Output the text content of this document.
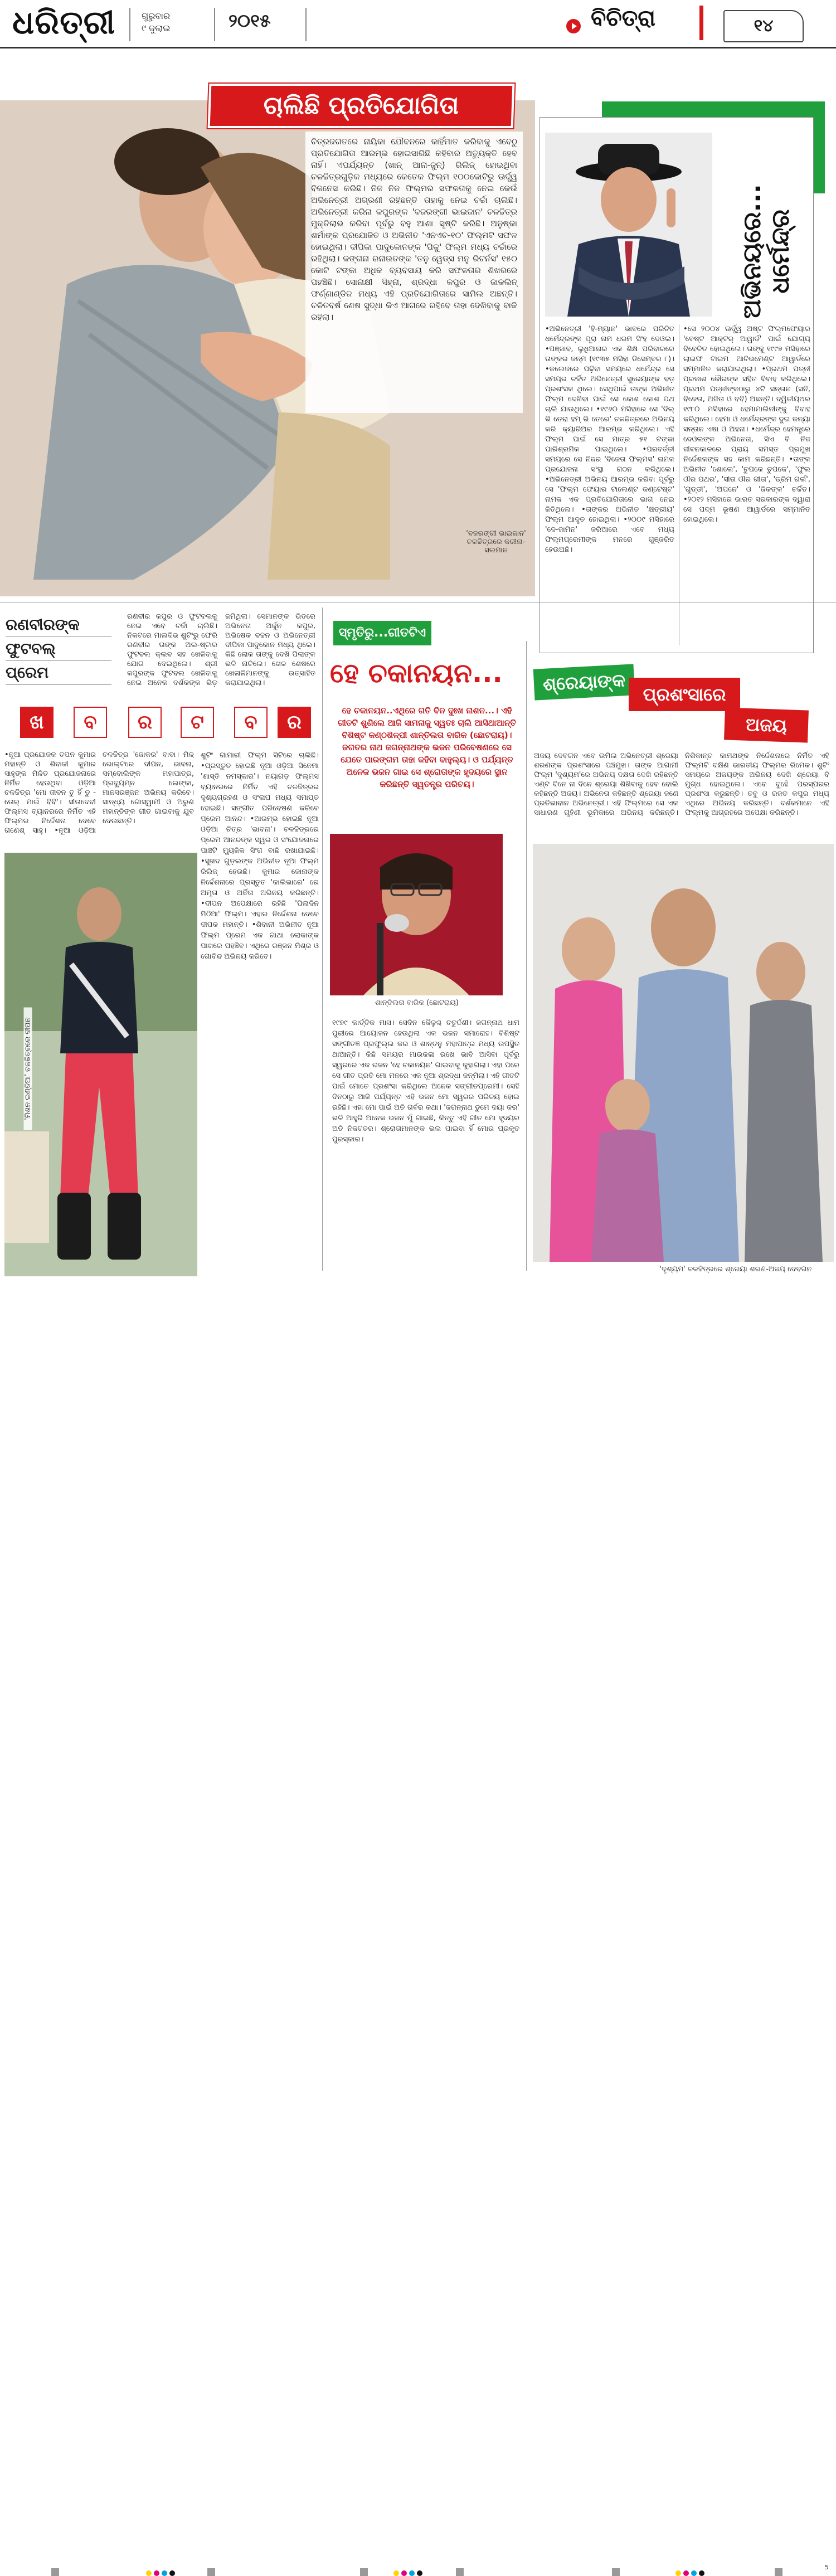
ଧରିତ୍ରୀ	ଗୁରୁବାର
୯ ଜୁଲାଇ	୨୦୧୫	ବିଚିତ୍ରା	୧୪
ଚାଲିଛି ପ୍ରତିଯୋଗିତା
ଚିତ୍ରଜଗତରେ ନାୟିକା ଯୌବନରେ କାହିଁମାତ କରିବାକୁ ଏବେଠୁ ପ୍ରତିଯୋଗିତା ଆରମ୍ଭ ହୋଇସାରିଛି କହିବାର ଅତ୍ୟୁକ୍ତି ହେବ ନାହିଁ। ଏପର୍ଯ୍ୟନ୍ତ (ଖାନ୍ ଆନା-ଜୁନ୍) ରିଲିଜ୍ ହୋଇଥିବା ଚଳଚ୍ଚିତ୍ରଗୁଡ଼ିକ ମଧ୍ୟରେ କେତେକ ଫିଲ୍ମ ୧୦୦କୋଟିରୁ ଊର୍ଦ୍ଧ୍ୱ ବିଜନେସ କରିଛି। ନିଜ ନିଜ ଫିଲ୍ମର ସଫଳତାକୁ ନେଇ କେଉଁ ଅଭିନେତ୍ରୀ ଅଗ୍ରଣୀ ରହିଛନ୍ତି ତାହାକୁ ନେଇ ଚର୍ଚ୍ଚା ଚାଲିଛି। ଅଭିନେତ୍ରୀ କରିନା କପୁରଙ୍କ 'ବଜରଙ୍ଗୀ ଭାଇଜାନ' ଚଳଚ୍ଚିତ୍ର ମୁକ୍ତିଲାଭ କରିବା ପୂର୍ବରୁ ବହୁ ଆଶା ସୃଷ୍ଟି କରିଛି। ଅନୁଷ୍କା ଶର୍ମାଙ୍କ ପ୍ରଯୋଜିତ ଓ ଅଭିନୀତ 'ଏନଏଚ-୧୦' ଫିଲ୍ମଟି ସଫଳ ହୋଇଥିଲା। ଦୀପିକା ପାଦୁକୋନଙ୍କ 'ପିକୁ' ଫିଲ୍ମ ମଧ୍ୟ ଚର୍ଚ୍ଚାରେ ରହିଥିଲା। କଙ୍ଗନା ରନାଉତଙ୍କ 'ତନୁ ୱେଡ୍ସ ମନୁ ରିଟର୍ନସ' ୧୫୦ କୋଟି ଟଙ୍କା ଅଧିକ ବ୍ୟବସାୟ କରି ସଫଳତାର ଶିଖରରେ ପହଞ୍ଚିଛି। ସୋନାକ୍ଷୀ ସିହ୍ନା, ଶ୍ରଦ୍ଧା କପୁର ଓ ଜାକଲିନ୍ ଫର୍ଣ୍ଣାଣ୍ଡିଜ ମଧ୍ୟ ଏହି ପ୍ରତିଯୋଗିତାରେ ସାମିଲ ଅଛନ୍ତି। ଚଳିତବର୍ଷ ଶେଷ ସୁଦ୍ଧା କିଏ ଆଗରେ ରହିବେ ତାହା ଦେଖିବାକୁ ବାକି ରହିଲା।
'ବଜରଙ୍ଗୀ ଭାଇଜାନ'
ଚଳଚ୍ଚିତ୍ରରେ କରୀନା-ସଲମାନ
ଅଭିନୟରେ... ଧର୍ମେନ୍ଦ୍ର
•ଅଭିନେତ୍ରୀ 'ହି-ମ୍ୟାନ' ଭାବରେ ପରିଚିତ ଧର୍ମେନ୍ଦ୍ରଙ୍କ ପୂରା ନାମ ଧରମ ସିଂହ ଦେଓଲ। •ପଞ୍ଜାବ, ଲୁଧିଆନାର ଏକ ଶିକ୍ଷ ପରିବାରରେ ତାଙ୍କର ଜନ୍ମ (୧୯୩୫ ମସିହା ଡିସେମ୍ବର ୮)। •କଲେଜରେ ପଢ଼ିବା ସମୟରେ ଧର୍ମେନ୍ଦ୍ର ସେ ସମୟର ଚର୍ଚ୍ଚିତ ଅଭିନେତ୍ରୀ ସୁରେୟାଙ୍କ ବଡ଼ ପ୍ରଶଂସକ ଥିଲେ। ସେଥିପାଇଁ ତାଙ୍କ ଅଭିନୀତ ଫିଲ୍ମ ଦେଖିବା ପାଇଁ ସେ କୋଶ କୋଶ ପଥ ଚାଲି ଯାଉଥିଲେ। •୧୯୬୦ ମସିହାରେ ସେ 'ଦିଲ୍ ଭି ତେରା ହମ୍ ଭି ତେରେ' ଚଳଚ୍ଚିତ୍ରରେ ଅଭିନୟ କରି କ୍ୟାରିଅର ଆରମ୍ଭ କରିଥିଲେ। ଏହି ଫିଲ୍ମ ପାଇଁ ସେ ମାତ୍ର ୫୧ ଟଙ୍କା ପାରିଶ୍ରମିକ ପାଇଥିଲେ। •ପରବର୍ତ୍ତୀ ସମୟରେ ସେ ନିଜର 'ବିଜେତା ଫିଲ୍ମସ' ନାମକ ପ୍ରଯୋଜନା ସଂସ୍ଥା ଗଠନ କରିଥିଲେ। •ଅଭିନେତ୍ରୀ ଅଭିନୟ ଆରମ୍ଭ କରିବା ପୂର୍ବରୁ ସେ 'ଫିଲ୍ମ ଫେୟାର ଟାଲେଣ୍ଟ କଣ୍ଟେଷ୍ଟ' ନାମକ ଏକ ପ୍ରତିଯୋଗିତାରେ ଭାଗ ନେଇ ଜିତିଥିଲେ। •ତାଙ୍କର ଅଭିନୀତ 'କ୍ଷତ୍ରୀୟ' ଫିଲ୍ମ ଆଦୃତ ହୋଇଥିଲା। •୨୦୦୯ ମସିହାରେ 'ଦେ-ଜାମିନ' ଜରିଆରେ ଏବେ ମଧ୍ୟ ଫିଲ୍ମପ୍ରେମୀଙ୍କ ମନରେ ଗୁଞ୍ଜରିତ ହେଉଅଛି।
•ସେ ୨୦୦୪ ଊର୍ଦ୍ଧ୍ୱ ଅଷ୍ଟ ଫିଲ୍ମଫେୟାର 'ବେଷ୍ଟ ଆକ୍ଟର୍ ଆୱାର୍ଡ' ପାଇଁ ଯୋଗ୍ୟ ବିବେଚିତ ହୋଇଥିଲେ। ତାଙ୍କୁ ୧୯୯୭ ମସିହାରେ ଲାଇଫ ଟାଇମ ଆଚିଭମେଣ୍ଟ ଆୱାର୍ଡରେ ସମ୍ମାନିତ କରାଯାଇଥିଲା। •ପ୍ରଥମ ପତ୍ନୀ ପ୍ରକାଶ କୌରଙ୍କ ସହିତ ବିବାହ କରିଥିଲେ। ପ୍ରଥମ ପତ୍ନୀଙ୍କଠାରୁ ୪ଟି ସନ୍ତାନ (ସନି, ବିଜେତା, ଅଜିତା ଓ ବବି) ଅଛନ୍ତି। ଦ୍ୱିତୀୟଥର ୧୯୮୦ ମସିହାରେ ହେମାମାଲିନୀଙ୍କୁ ବିବାହ କରିଥିଲେ। ହେମା ଓ ଧର୍ମେନ୍ଦ୍ରଙ୍କ ଦୁଇ କନ୍ୟା ସନ୍ତାନ ଏଷା ଓ ଅହନା। •ଧର୍ମେନ୍ଦ୍ର ହେମନ୍ତ୍ରେ ଦେଓଲଙ୍କ ଅଭିନେତା, ସିଏ ବି ନିଜ ଜୀବନକାଳରେ ପ୍ରାୟ ସମସ୍ତ ପ୍ରମୁଖ ନିର୍ଦ୍ଦେଶକଙ୍କ ସହ କାମ କରିଛନ୍ତି। •ତାଙ୍କ ଅଭିନୀତ 'ଶୋଲେ', 'ଚୁପକେ ଚୁପକେ', 'ଫୁଲ ଔର ପଥର', 'ସୀତା ଔର ଗୀତା', 'ଡ୍ରିମ ଗର୍ଲ', 'ଗୁଡ୍ଡୀ', 'ଅପନେ' ଓ 'ଜିକଙ୍କ' ଚର୍ଚ୍ଚିତ। •୨୦୧୨ ମସିହାରେ ଭାରତ ସରକାରଙ୍କ ଦ୍ୱାରା ସେ ପଦ୍ମ ଭୂଷଣ ଆୱାର୍ଡରେ ସମ୍ମାନିତ ହୋଇଥିଲେ।
ରଣବୀରଙ୍କ
ଫୁଟବଲ୍
ପ୍ରେମ
ରଣବୀର କପୁର ଓ ଫୁଟବଲକୁ ନେଇ ଏବେ ଚର୍ଚ୍ଚା ଚାଲିଛି। ନିକଟରେ ମାଲଦିଭ ଶୁଟିଂରୁ ଫେରି ରଣବୀର ତାଙ୍କ ଅଲ-ଷ୍ଟାର ଫୁଟବଲ କ୍ଲବ ସହ ଖେଳିବାକୁ ଯୋଗ ଦେଇଥିଲେ। ଶ୍ରୀ କପୁରଙ୍କ ଫୁଟବଲ ଖେଳିବାକୁ ନେଇ ଅନେକ ଦର୍ଶକଙ୍କ ଭିଡ଼ ଜମିଥିଲା। ସେମାନଙ୍କ ଭିତରେ ଅଭିନେତା ଅର୍ଜୁନ କପୁର, ଅଭିଷେକ ବଚ୍ଚନ ଓ ଅଭିନେତ୍ରୀ ଦୀପିକା ପାଦୁକୋନ ମଧ୍ୟ ଥିଲେ। କିଛି ଲୋକ ତାଙ୍କୁ ଦେଖି ପିଲାଙ୍କ ଭଳି ନାଚିଲେ। ଖେଳ ଶେଷରେ ଖେଳାଳିମାନଙ୍କୁ ଉତ୍ସାହିତ କରାଯାଇଥିଲା।
ଖ	ବ	ର	ଟ	ବ	ର
•ନୂଆ ପ୍ରଯୋଜକ ତପନ କୁମାର ମହାନ୍ତି ଓ ଶିବାଜୀ କୁମାର ସାହୁଙ୍କ ମିଳିତ ପ୍ରଯୋଜନାରେ ନିର୍ମିତ ହେଉଥିବା ଓଡ଼ିଆ ଚଳଚ୍ଚିତ୍ର 'ମୋ ଜୀବନ ତୁ ହିଁ ତୁ - ତୋର୍ ମାଇଁ ବିବି'। ସୀତାଦେବୀ ଫିଲ୍ମସ ବ୍ୟାନରରେ ନିର୍ମିତ ଏହି ଫିଲ୍ମର ନିର୍ଦ୍ଦେଶନା ଦେବେ ଗଣେଶ୍‌ ସାହୁ। •ନୂଆ ଓଡ଼ିଆ ଚଳଚ୍ଚିତ୍ର 'ଜୋକର' ବାବା। ମିଳ୍ ଭୋଲ୍ଟରେ ଦୀପନ, ଭାବନା, ସମ୍ବୋଲିଙ୍କ ମହାପାତ୍ର, ପ୍ରଦ୍ୟୁମ୍ନ ଲେଙ୍କା, ମାନସରଞ୍ଜନ ଅଭିନୟ କରିବେ। ସାନ୍ଧ୍ୟ ଗୋସ୍ୱାମୀ ଓ ଅରୁଣ ମହାନ୍ତିଙ୍କ ଗୀତ ଗାଇବାକୁ ଯୁବ ଦେଉଛନ୍ତି।
ଶୁଟିଂ ଗାମାରୀ ଫିଲ୍ମ ସିଟିରେ ଚାଲିଛି। •ପ୍ରସ୍ତୁତ ହୋଇଛି ନୂଆ ଓଡ଼ିଆ ସିନେମା 'ଶାସ୍ତି ନମସ୍କାର'। ନୟାଗଡ଼ ଫିଲ୍ମସ ବ୍ୟାନରରେ ନିର୍ମିତ ଏହି ଚଳଚ୍ଚିତ୍ରର ଦୃଶ୍ୟଗ୍ରହଣ ଓ ସଂଳାପ ମଧ୍ୟ ସମାପ୍ତ ହୋଇଛି। ସଙ୍ଗୀତ ପରିବେଷଣ କରିବେ ପ୍ରେମ ଆନନ୍ଦ। •ଆରମ୍ଭ ହୋଇଛି ନୂଆ ଓଡ଼ିଆ ଚିତ୍ର 'ଭାବନା'। ଚଳଚ୍ଚିତ୍ରରେ ପ୍ରେମ ଆନନ୍ଦଙ୍କ ସ୍ୱର ଓ ସଂଯୋଜନାରେ ପାଞ୍ଚଟି ମ୍ୟୁଜିକ ସିଂଗ ବାଛି ରଖାଯାଇଛି। •ସୁଖଦ ଗୁଡ଼ଲଙ୍କ ଅଭିନୀତ ନୂଆ ଫିଲ୍ମ ରିଲିଜ୍ ହେଉଛି। କୁମାର ଜୋନାଙ୍କ ନିର୍ଦ୍ଦେଶନାରେ ପ୍ରସ୍ତୁତ 'କାଲିଭାରେ' ରେ ଅମୃତା ଓ ଅର୍ଚ୍ଚିତା ଅଭିନୟ କରିଛନ୍ତି। •ଦୀପନ ଅପେକ୍ଷାରେ ରହିଛି 'ପିଲାଦିନ ମିଠିଆ' ଫିଲ୍ମ। ଏହାର ନିର୍ଦ୍ଦେଶନା ଦେବେ ଦୀପକ ମହାନ୍ତି। •ଶିବାନୀ ଅଭିନୀତ ନୂଆ ଫିଲ୍ମ ପ୍ରେମ ଏକ ଗାଥା ଲୋକାଙ୍କ ପାଖରେ ପହଞ୍ଚିବ। ଏଥିରେ ରଞ୍ଜନ ମିଶ୍ର ଓ ଗୋବିନ୍ଦ ଅଭିନୟ କରିବେ।
'ମିଶନ ଇଣ୍ଡିଆ' ଚଳଚ୍ଚିତ୍ରରେ ଦୀପନ
ସ୍ମୃତିରୁ...ଗୀତଟିଏ
ହେ ଚକାନୟନ...
ହେ ଚକାନୟନ..ଏଥିରେ ଗତି ବିନ ଦୁଃଖ ନାଶନ...। ଏହି ଗୀତଟି ଶୁଣିଲେ ଆଜି ସାମନାକୁ ସ୍ୱତଃ ଚାଲି ଆସିଥାଆନ୍ତି ବିଶିଷ୍ଟ କଣ୍ଠଶିଳ୍ପୀ ଶାନ୍ତିଲତା ବାରିକ (ଛୋଟରାୟ)। ଜଗତର ନାଥ ଜଗନ୍ନାଥଙ୍କ ଭଜନ ପରିବେଷଣରେ ସେ ଯେତେ ପାରଙ୍ଗମ ତାହା କହିବା ବାହୁଲ୍ୟ। ଓ ପର୍ଯ୍ୟନ୍ତ ଅନେକ ଭଜନ ଗାଇ ସେ ଶ୍ରୋତାଙ୍କ ହୃଦୟରେ ସ୍ଥାନ କରିଛନ୍ତି ସ୍ୱତନ୍ତ୍ର ପରିଚୟ।
ଶାନ୍ତିଲତା ବାରିକ (ଛୋଟରାୟ)
୧୯୭୯ କାର୍ତ୍ତିକ ମାସ। ସେଦିନ କୈଳୁଶ୍ଚ ଚତୁର୍ଦ୍ଦଶୀ। ଜଗନ୍ନାଥ ଧାମ ପୁରୀରେ ଆୟୋଜନ ହେଉଥିଲା ଏକ ଭଜନ ସମାରୋହ। ବିଶିଷ୍ଟ ସଙ୍ଗୀତଜ୍ଞ ପ୍ରଫୁଲ୍ଲ କର ଓ ଶାନ୍ତନୁ ମହାପାତ୍ର ମଧ୍ୟ ଉପସ୍ଥିତ ଥାଆନ୍ତି। କିଛି ସମୟର ମାଉକଳା ରଖେ ଭାବି ଆସିବା ପୂର୍ବରୁ ସ୍ୱରରେ ଏକ ଭଜନ 'ହେ ଚକାନୟନ' ଗାଇବାକୁ କୁହାଗଲା। ଏହା ପରେ ସେ ଗୀତ ପ୍ରତି ମୋ ମନରେ ଏକ ନୂଆ ଶ୍ରଦ୍ଧା ଜନ୍ମିଲା। ଏହି ଗୀତଟି ପାଇଁ ମୋତେ ପ୍ରଶଂସା କରିଥିଲେ ଅନେକ ସଙ୍ଗୀତପ୍ରେମୀ। ସେହି ଦିନଠାରୁ ଆଜି ପର୍ଯ୍ୟନ୍ତ ଏହି ଭଜନ ମୋ ସ୍ୱରର ପରିଚୟ ହୋଇ ରହିଛି। ଏହା ମୋ ପାଇଁ ଅତି ଗର୍ବର କଥା। 'ଜଗନ୍ନାଥ ତୁମେ ଦୟା କର' ଭଳି ଆହୁରି ଅନେକ ଭଜନ ମୁଁ ଗାଇଛି, କିନ୍ତୁ ଏହି ଗୀତ ମୋ ହୃଦୟର ଅତି ନିକଟତର। ଶ୍ରୋତାମାନଙ୍କ ଭଲ ପାଇବା ହିଁ ମୋର ପ୍ରକୃତ ପୁରସ୍କାର।
ଶ୍ରେୟାଙ୍କ ପ୍ରଶଂସାରେ
ଅଜୟ
ଅଜୟ ଦେବଗନ ଏବେ ଉମିଲ ଅଭିନେତ୍ରୀ ଶ୍ରେୟା ଶରଣଙ୍କ ପ୍ରଶଂସାରେ ପଞ୍ଚମୁଖ। ତାଙ୍କ ଆଗାମୀ ଫିଲ୍ମ 'ଦୃଶ୍ୟମ'ରେ ଅଭିନୟ ଦକ୍ଷତା ଦେଖି ରହିଛନ୍ତି ଏଣ୍ଟ ଦିନେ ନା ଦିନେ ଶ୍ରେୟା ଶିଖିବାକୁ ହେବ ବୋଲି କହିଛନ୍ତି ଅଜୟ। ଅଭିନେତା କହିଛନ୍ତି ଶ୍ରେୟା ଜଣେ ପ୍ରତିଭାବାନ ଅଭିନେତ୍ରୀ। ଏହି ଫିଲ୍ମରେ ସେ ଏକ ସାଧାରଣ ଗୃହିଣୀ ଭୂମିକାରେ ଅଭିନୟ କରିଛନ୍ତି। ନିଶିକାନ୍ତ କାମଥଙ୍କ ନିର୍ଦ୍ଦେଶନାରେ ନିର୍ମିତ ଏହି ଫିଲ୍ମଟି ଦକ୍ଷିଣ ଭାରତୀୟ ଫିଲ୍ମର ରିମେକ। ଶୁଟିଂ ସମୟରେ ଅଜୟଙ୍କ ଅଭିନୟ ଦେଖି ଶ୍ରେୟା ବି ମୁଗ୍ଧ ହୋଇଥିଲେ। ଏବେ ଦୁହେଁ ପରସ୍ପରର ପ୍ରଶଂସା କରୁଛନ୍ତି। ତବୁ ଓ ରଜତ କପୁର ମଧ୍ୟ ଏଥିରେ ଅଭିନୟ କରିଛନ୍ତି। ଦର୍ଶକମାନେ ଏହି ଫିଲ୍ମକୁ ଆଗ୍ରହରେ ଅପେକ୍ଷା କରିଛନ୍ତି।
'ଦୃଶ୍ୟମ' ଚଳଚ୍ଚିତ୍ରରେ ଶ୍ରେୟା ଶରଣ-ଅଜୟ ଦେବଗନ
5
